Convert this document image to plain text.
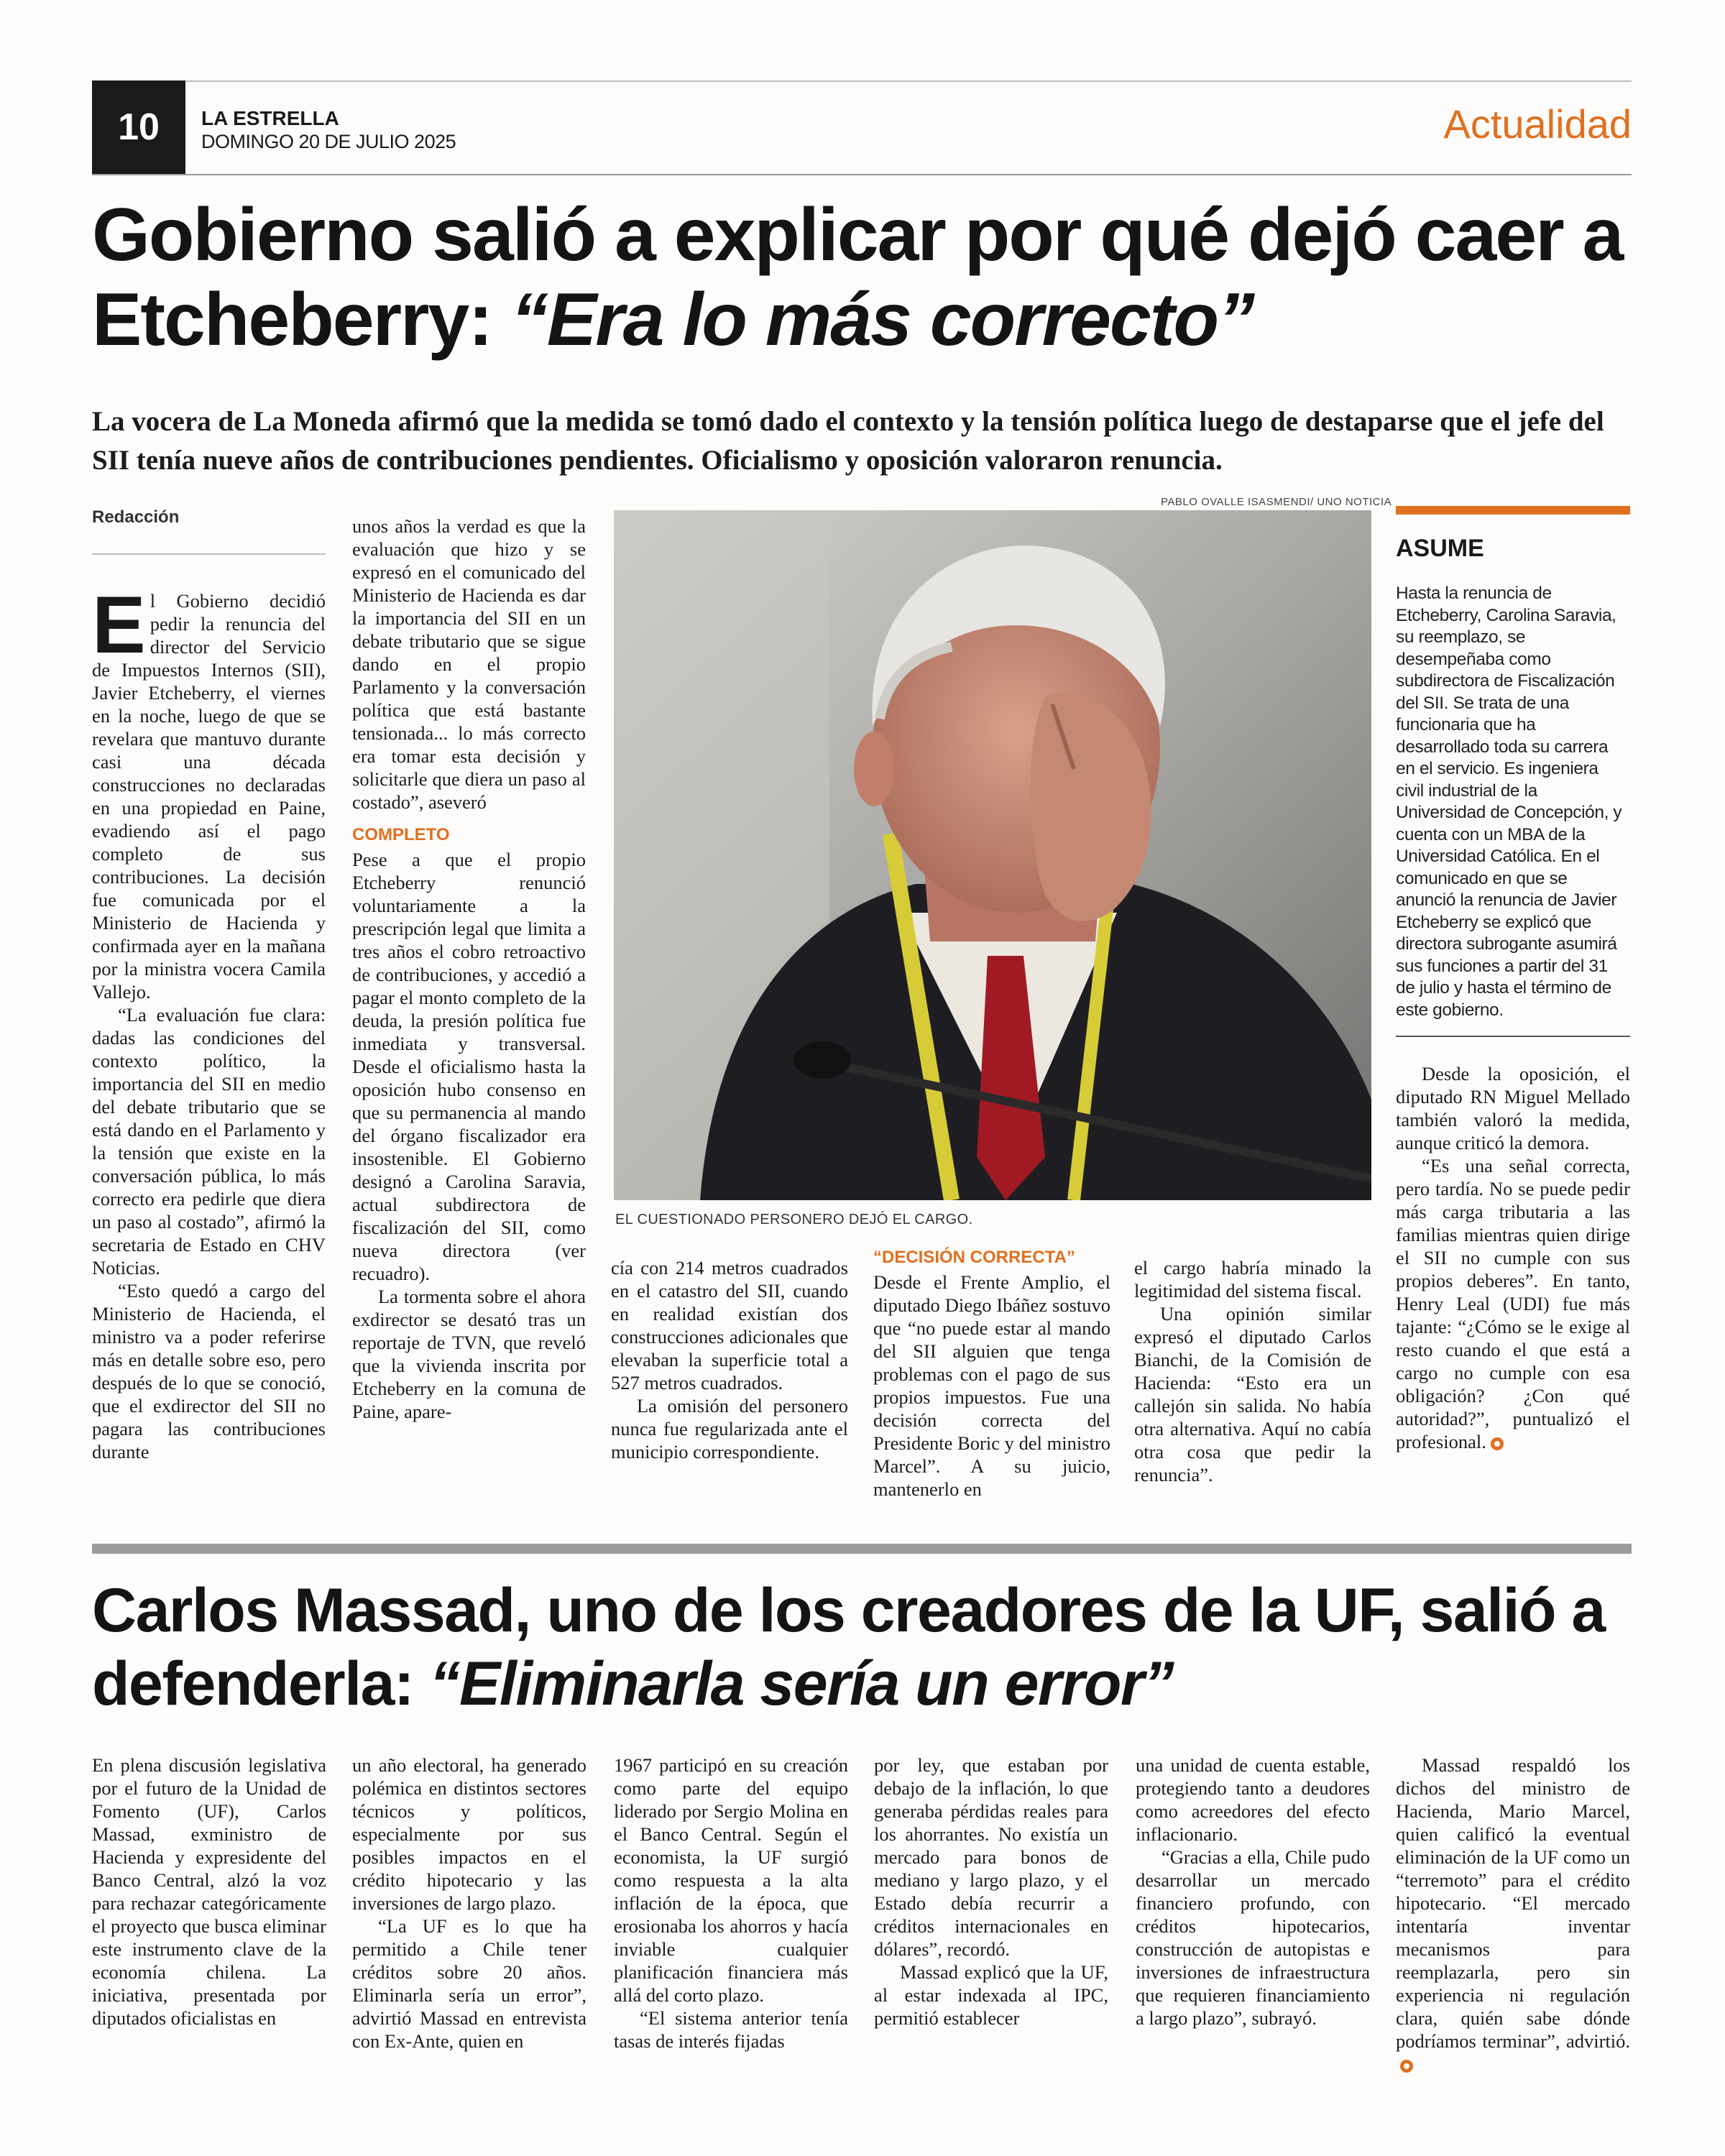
10	LA ESTRELLA
DOMINGO 20 DE JULIO 2025	Actualidad
Gobierno salió a explicar por qué dejó caer a Etcheberry: “Era lo más correcto”
La vocera de La Moneda afirmó que la medida se tomó dado el contexto y la tensión política luego de destaparse que el jefe del SII tenía nueve años de contribuciones pendientes. Oficialismo y oposición valoraron renuncia.
Redacción

El Gobierno decidió pedir la renuncia del director del Servicio de Impuestos Internos (SII), Javier Etcheberry, el viernes en la noche, luego de que se revelara que mantuvo durante casi una década construcciones no declaradas en una propiedad en Paine, evadiendo así el pago completo de sus contribuciones. La decisión fue comunicada por el Ministerio de Hacienda y confirmada ayer en la mañana por la ministra vocera Camila Vallejo.

“La evaluación fue clara: dadas las condiciones del contexto político, la importancia del SII en medio del debate tributario que se está dando en el Parlamento y la tensión que existe en la conversación pública, lo más correcto era pedirle que diera un paso al costado”, afirmó la secretaria de Estado en CHV Noticias.

“Esto quedó a cargo del Ministerio de Hacienda, el ministro va a poder referirse más en detalle sobre eso, pero después de lo que se conoció, que el exdirector del SII no pagara las contribuciones durante

unos años la verdad es que la evaluación que hizo y se expresó en el comunicado del Ministerio de Hacienda es dar la importancia del SII en un debate tributario que se sigue dando en el propio Parlamento y la conversación política que está bastante tensionada... lo más correcto era tomar esta decisión y solicitarle que diera un paso al costado”, aseveró

COMPLETO

Pese a que el propio Etcheberry renunció voluntariamente a la prescripción legal que limita a tres años el cobro retroactivo de contribuciones, y accedió a pagar el monto completo de la deuda, la presión política fue inmediata y transversal. Desde el oficialismo hasta la oposición hubo consenso en que su permanencia al mando del órgano fiscalizador era insostenible. El Gobierno designó a Carolina Saravia, actual subdirectora de fiscalización del SII, como nueva directora (ver recuadro).

La tormenta sobre el ahora exdirector se desató tras un reportaje de TVN, que reveló que la vivienda inscrita por Etcheberry en la comuna de Paine, apare-

PABLO OVALLE ISASMENDI/ UNO NOTICIA
EL CUESTIONADO PERSONERO DEJÓ EL CARGO.

cía con 214 metros cuadrados en el catastro del SII, cuando en realidad existían dos construcciones adicionales que elevaban la superficie total a 527 metros cuadrados.

La omisión del personero nunca fue regularizada ante el municipio correspondiente.

“DECISIÓN CORRECTA”

Desde el Frente Amplio, el diputado Diego Ibáñez sostuvo que “no puede estar al mando del SII alguien que tenga problemas con el pago de sus propios impuestos. Fue una decisión correcta del Presidente Boric y del ministro Marcel”. A su juicio, mantenerlo en

el cargo habría minado la legitimidad del sistema fiscal.

Una opinión similar expresó el diputado Carlos Bianchi, de la Comisión de Hacienda: “Esto era un callejón sin salida. No había otra alternativa. Aquí no cabía otra cosa que pedir la renuncia”.

ASUME
Hasta la renuncia de Etcheberry, Carolina Saravia, su reemplazo, se desempeñaba como subdirectora de Fiscalización del SII. Se trata de una funcionaria que ha desarrollado toda su carrera en el servicio. Es ingeniera civil industrial de la Universidad de Concepción, y cuenta con un MBA de la Universidad Católica. En el comunicado en que se anunció la renuncia de Javier Etcheberry se explicó que directora subrogante asumirá sus funciones a partir del 31 de julio y hasta el término de este gobierno.

Desde la oposición, el diputado RN Miguel Mellado también valoró la medida, aunque criticó la demora.

“Es una señal correcta, pero tardía. No se puede pedir más carga tributaria a las familias mientras quien dirige el SII no cumple con sus propios deberes”. En tanto, Henry Leal (UDI) fue más tajante: “¿Cómo se le exige al resto cuando el que está a cargo no cumple con esa obligación? ¿Con qué autoridad?”, puntualizó el profesional.

Carlos Massad, uno de los creadores de la UF, salió a defenderla: “Eliminarla sería un error”

En plena discusión legislativa por el futuro de la Unidad de Fomento (UF), Carlos Massad, exministro de Hacienda y expresidente del Banco Central, alzó la voz para rechazar categóricamente el proyecto que busca eliminar este instrumento clave de la economía chilena. La iniciativa, presentada por diputados oficialistas en

un año electoral, ha generado polémica en distintos sectores técnicos y políticos, especialmente por sus posibles impactos en el crédito hipotecario y las inversiones de largo plazo.

“La UF es lo que ha permitido a Chile tener créditos sobre 20 años. Eliminarla sería un error”, advirtió Massad en entrevista con Ex-Ante, quien en

1967 participó en su creación como parte del equipo liderado por Sergio Molina en el Banco Central. Según el economista, la UF surgió como respuesta a la alta inflación de la época, que erosionaba los ahorros y hacía inviable cualquier planificación financiera más allá del corto plazo.

“El sistema anterior tenía tasas de interés fijadas

por ley, que estaban por debajo de la inflación, lo que generaba pérdidas reales para los ahorrantes. No existía un mercado para bonos de mediano y largo plazo, y el Estado debía recurrir a créditos internacionales en dólares”, recordó.

Massad explicó que la UF, al estar indexada al IPC, permitió establecer

una unidad de cuenta estable, protegiendo tanto a deudores como acreedores del efecto inflacionario.

“Gracias a ella, Chile pudo desarrollar un mercado financiero profundo, con créditos hipotecarios, construcción de autopistas e inversiones de infraestructura que requieren financiamiento a largo plazo”, subrayó.

Massad respaldó los dichos del ministro de Hacienda, Mario Marcel, quien calificó la eventual eliminación de la UF como un “terremoto” para el crédito hipotecario. “El mercado intentaría inventar mecanismos para reemplazarla, pero sin experiencia ni regulación clara, quién sabe dónde podríamos terminar”, advirtió.
